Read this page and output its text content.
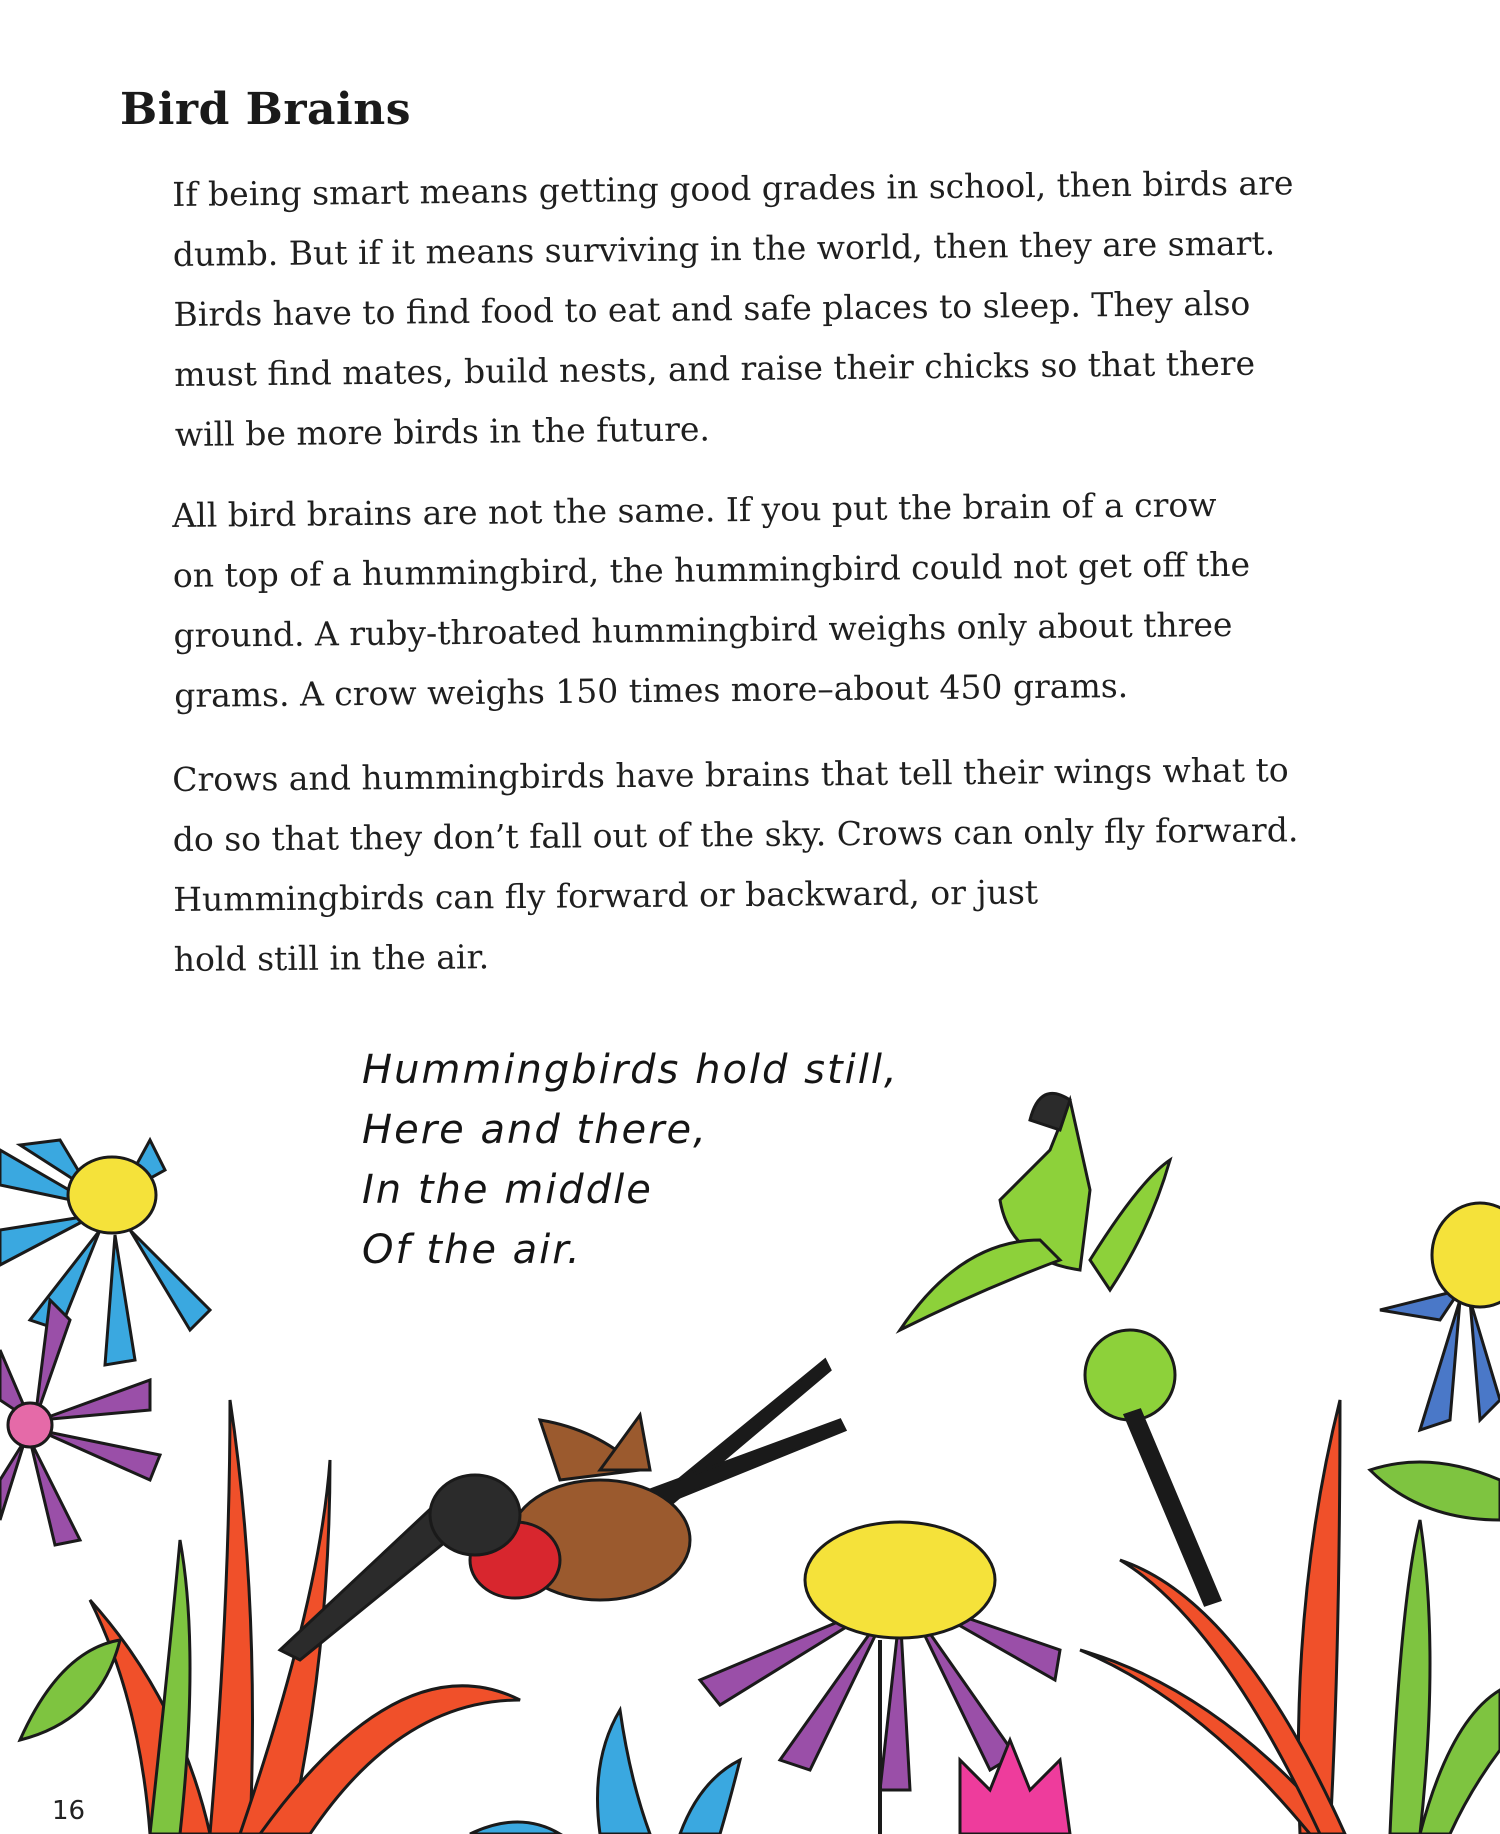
Bird Brains
If being smart means getting good grades in school, then birds are
dumb. But if it means surviving in the world, then they are smart.
Birds have to find food to eat and safe places to sleep. They also
must find mates, build nests, and raise their chicks so that there
will be more birds in the future.
All bird brains are not the same. If you put the brain of a crow
on top of a hummingbird, the hummingbird could not get off the
ground. A ruby-throated hummingbird weighs only about three
grams. A crow weighs 150 times more–about 450 grams.
Crows and hummingbirds have brains that tell their wings what to
do so that they don’t fall out of the sky. Crows can only fly forward.
Hummingbirds can fly forward or backward, or just
hold still in the air.
Hummingbirds hold still,
Here and there,
In the middle
Of the air.
16
